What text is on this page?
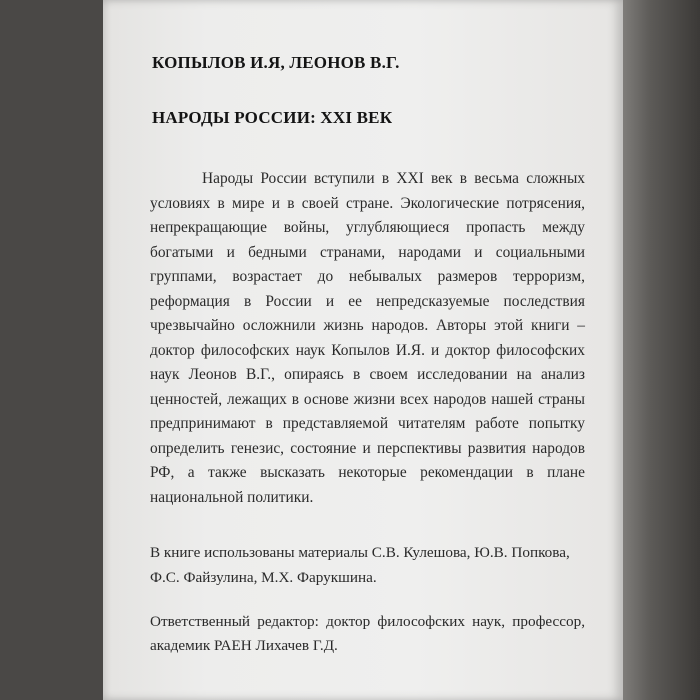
КОПЫЛОВ И.Я, ЛЕОНОВ В.Г.
НАРОДЫ РОССИИ: XXI ВЕК

Народы России вступили в XXI век в весьма сложных условиях в мире и в своей стране. Экологические потрясения, непрекращающие войны, углубляющиеся пропасть между богатыми и бедными странами, народами и социальными группами, возрастает до небывалых размеров терроризм, реформация в России и ее непредсказуемые последствия чрезвычайно осложнили жизнь народов. Авторы этой книги – доктор философских наук Копылов И.Я. и доктор философских наук Леонов В.Г., опираясь в своем исследовании на анализ ценностей, лежащих в основе жизни всех народов нашей страны предпринимают в представляемой читателям работе попытку определить генезис, состояние и перспективы развития народов РФ, а также высказать некоторые рекомендации в плане национальной политики.

В книге использованы материалы С.В. Кулешова, Ю.В. Попкова, Ф.С. Файзулина, М.Х. Фарукшина.

Ответственный редактор: доктор философских наук, профессор, академик РАЕН Лихачев Г.Д.
